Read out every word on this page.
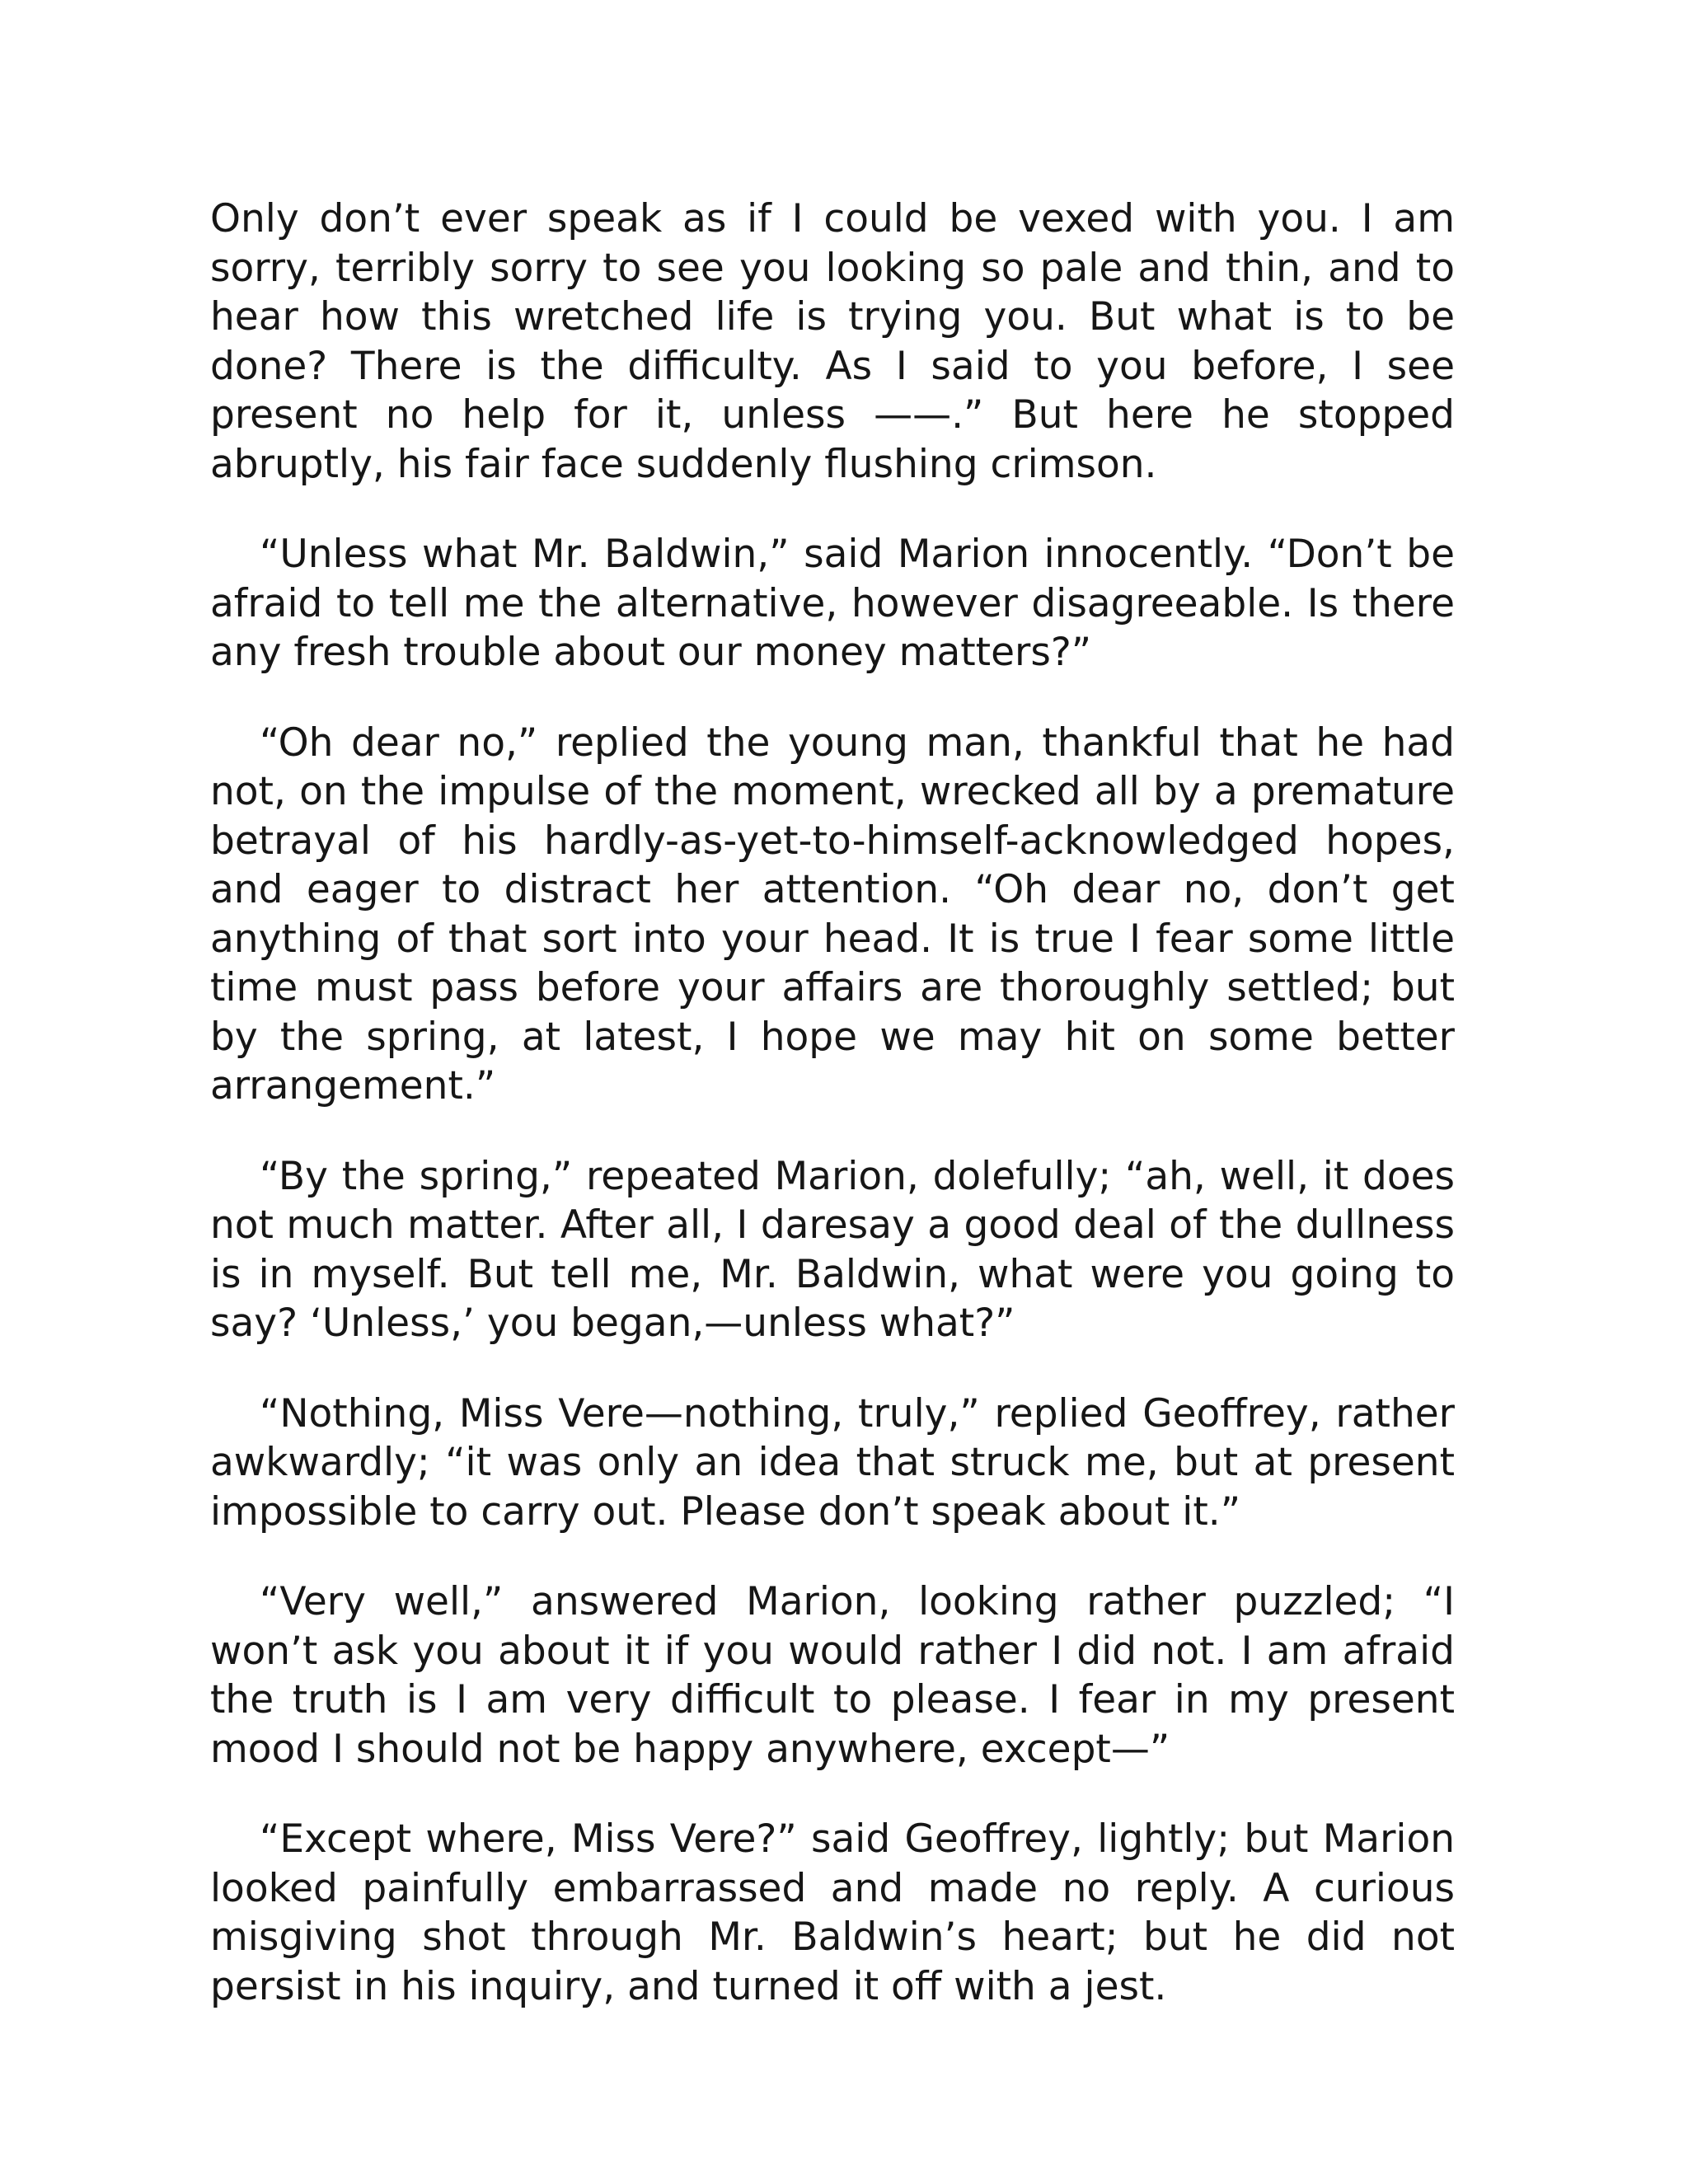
Only don’t ever speak as if I could be vexed with you. I am sorry, terribly sorry to see you looking so pale and thin, and to hear how this wretched life is trying you. But what is to be done? There is the difficulty. As I said to you before, I see present no help for it, unless ——.” But here he stopped abruptly, his fair face suddenly flushing crimson.

“Unless what Mr. Baldwin,” said Marion innocently. “Don’t be afraid to tell me the alternative, however disagreeable. Is there any fresh trouble about our money matters?”

“Oh dear no,” replied the young man, thankful that he had not, on the impulse of the moment, wrecked all by a premature betrayal of his hardly-as-yet-to-himself-acknowledged hopes, and eager to distract her attention. “Oh dear no, don’t get anything of that sort into your head. It is true I fear some little time must pass before your affairs are thoroughly settled; but by the spring, at latest, I hope we may hit on some better arrangement.”

“By the spring,” repeated Marion, dolefully; “ah, well, it does not much matter. After all, I daresay a good deal of the dullness is in myself. But tell me, Mr. Baldwin, what were you going to say? ‘Unless,’ you began,—unless what?”

“Nothing, Miss Vere—nothing, truly,” replied Geoffrey, rather awkwardly; “it was only an idea that struck me, but at present impossible to carry out. Please don’t speak about it.”

“Very well,” answered Marion, looking rather puzzled; “I won’t ask you about it if you would rather I did not. I am afraid the truth is I am very difficult to please. I fear in my present mood I should not be happy anywhere, except—”

“Except where, Miss Vere?” said Geoffrey, lightly; but Marion looked painfully embarrassed and made no reply. A curious misgiving shot through Mr. Baldwin’s heart; but he did not persist in his inquiry, and turned it off with a jest.
